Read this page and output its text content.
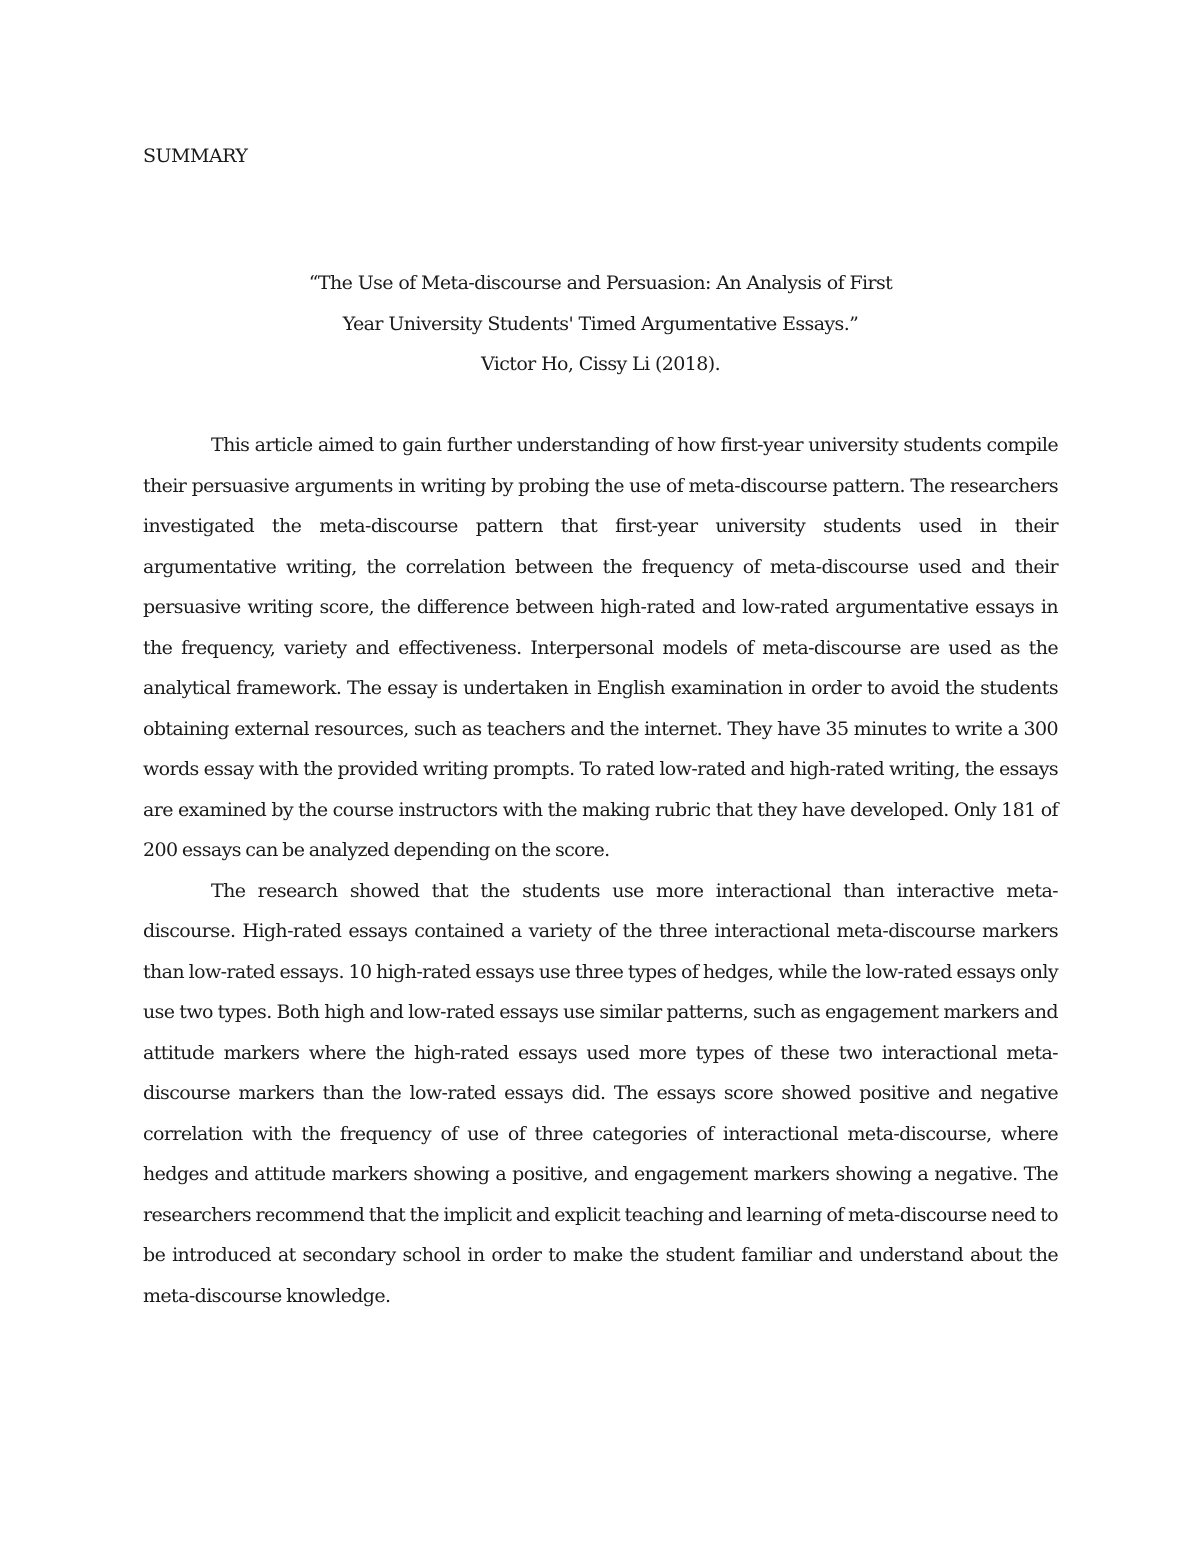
SUMMARY
“The Use of Meta-discourse and Persuasion: An Analysis of First
Year University Students' Timed Argumentative Essays.”
Victor Ho, Cissy Li (2018).

This article aimed to gain further understanding of how first-year university students compile their persuasive arguments in writing by probing the use of meta-discourse pattern. The researchers investigated the meta-discourse pattern that first-year university students used in their argumentative writing, the correlation between the frequency of meta-discourse used and their persuasive writing score, the difference between high-rated and low-rated argumentative essays in the frequency, variety and effectiveness. Interpersonal models of meta-discourse are used as the analytical framework. The essay is undertaken in English examination in order to avoid the students obtaining external resources, such as teachers and the internet. They have 35 minutes to write a 300 words essay with the provided writing prompts. To rated low-rated and high-rated writing, the essays are examined by the course instructors with the making rubric that they have developed. Only 181 of 200 essays can be analyzed depending on the score.

The research showed that the students use more interactional than interactive meta-discourse. High-rated essays contained a variety of the three interactional meta-discourse markers than low-rated essays. 10 high-rated essays use three types of hedges, while the low-rated essays only use two types. Both high and low-rated essays use similar patterns, such as engagement markers and attitude markers where the high-rated essays used more types of these two interactional meta-discourse markers than the low-rated essays did. The essays score showed positive and negative correlation with the frequency of use of three categories of interactional meta-discourse, where hedges and attitude markers showing a positive, and engagement markers showing a negative. The researchers recommend that the implicit and explicit teaching and learning of meta-discourse need to be introduced at secondary school in order to make the student familiar and understand about the meta-discourse knowledge.
